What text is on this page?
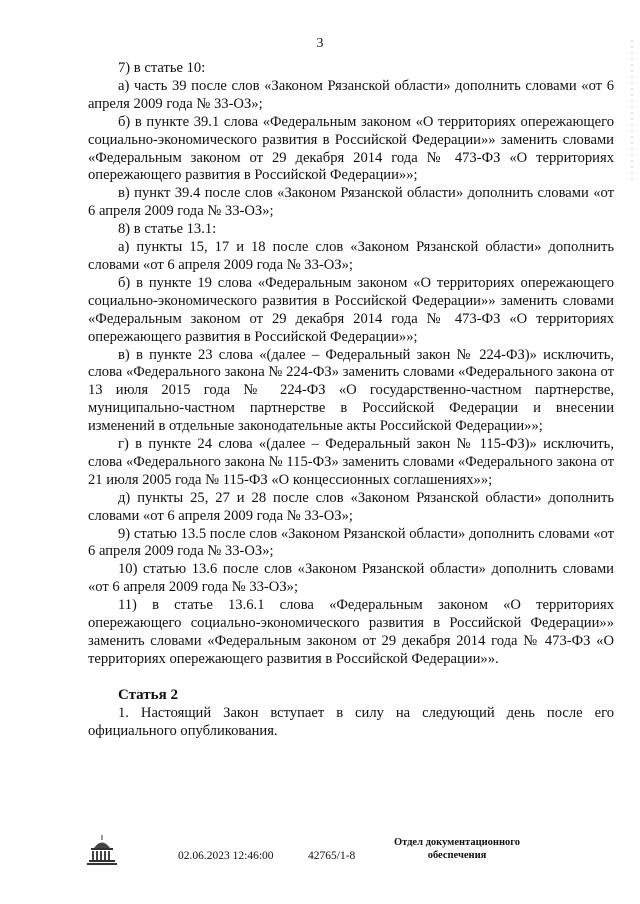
3

7) в статье 10:

а) часть 39 после слов «Законом Рязанской области» дополнить словами «от 6 апреля 2009 года № 33-ОЗ»;

б) в пункте 39.1 слова «Федеральным законом «О территориях опережающего социально-экономического развития в Российской Федерации»» заменить словами «Федеральным законом от 29 декабря 2014 года № 473-ФЗ «О территориях опережающего развития в Российской Федерации»»;

в) пункт 39.4 после слов «Законом Рязанской области» дополнить словами «от 6 апреля 2009 года № 33-ОЗ»;

8) в статье 13.1:

а) пункты 15, 17 и 18 после слов «Законом Рязанской области» дополнить словами «от 6 апреля 2009 года № 33-ОЗ»;

б) в пункте 19 слова «Федеральным законом «О территориях опережающего социально-экономического развития в Российской Федерации»» заменить словами «Федеральным законом от 29 декабря 2014 года № 473-ФЗ «О территориях опережающего развития в Российской Федерации»»;

в) в пункте 23 слова «(далее – Федеральный закон № 224-ФЗ)» исключить, слова «Федерального закона № 224-ФЗ» заменить словами «Федерального закона от 13 июля 2015 года № 224-ФЗ «О государственно-частном партнерстве, муниципально-частном партнерстве в Российской Федерации и внесении изменений в отдельные законодательные акты Российской Федерации»»;

г) в пункте 24 слова «(далее – Федеральный закон № 115-ФЗ)» исключить, слова «Федерального закона № 115-ФЗ» заменить словами «Федерального закона от 21 июля 2005 года № 115-ФЗ «О концессионных соглашениях»»;

д) пункты 25, 27 и 28 после слов «Законом Рязанской области» дополнить словами «от 6 апреля 2009 года № 33-ОЗ»;

9) статью 13.5 после слов «Законом Рязанской области» дополнить словами «от 6 апреля 2009 года № 33-ОЗ»;

10) статью 13.6 после слов «Законом Рязанской области» дополнить словами «от 6 апреля 2009 года № 33-ОЗ»;

11) в статье 13.6.1 слова «Федеральным законом «О территориях опережающего социально-экономического развития в Российской Федерации»» заменить словами «Федеральным законом от 29 декабря 2014 года № 473-ФЗ «О территориях опережающего развития в Российской Федерации»».

Статья 2

1. Настоящий Закон вступает в силу на следующий день после его официального опубликования.

02.06.2023 12:46:00	42765/1-8
Отдел документационного
обеспечения
